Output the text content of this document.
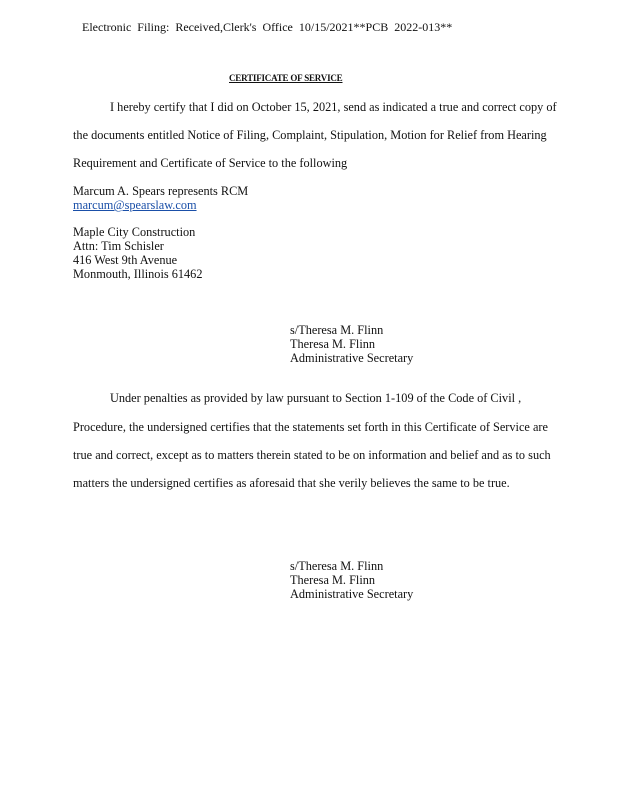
Electronic Filing: Received,Clerk's Office 10/15/2021**PCB 2022-013**
CERTIFICATE OF SERVICE
I hereby certify that I did on October 15, 2021, send as indicated a true and correct copy of
the documents entitled Notice of Filing, Complaint, Stipulation, Motion for Relief from Hearing
Requirement and Certificate of Service to the following
Marcum A. Spears represents RCM
marcum@spearslaw.com
Maple City Construction
Attn: Tim Schisler
416 West 9th Avenue
Monmouth, Illinois 61462
s/Theresa M. Flinn
Theresa M. Flinn
Administrative Secretary
Under penalties as provided by law pursuant to Section 1-109 of the Code of Civil ,
Procedure, the undersigned certifies that the statements set forth in this Certificate of Service are
true and correct, except as to matters therein stated to be on information and belief and as to such
matters the undersigned certifies as aforesaid that she verily believes the same to be true.
s/Theresa M. Flinn
Theresa M. Flinn
Administrative Secretary
